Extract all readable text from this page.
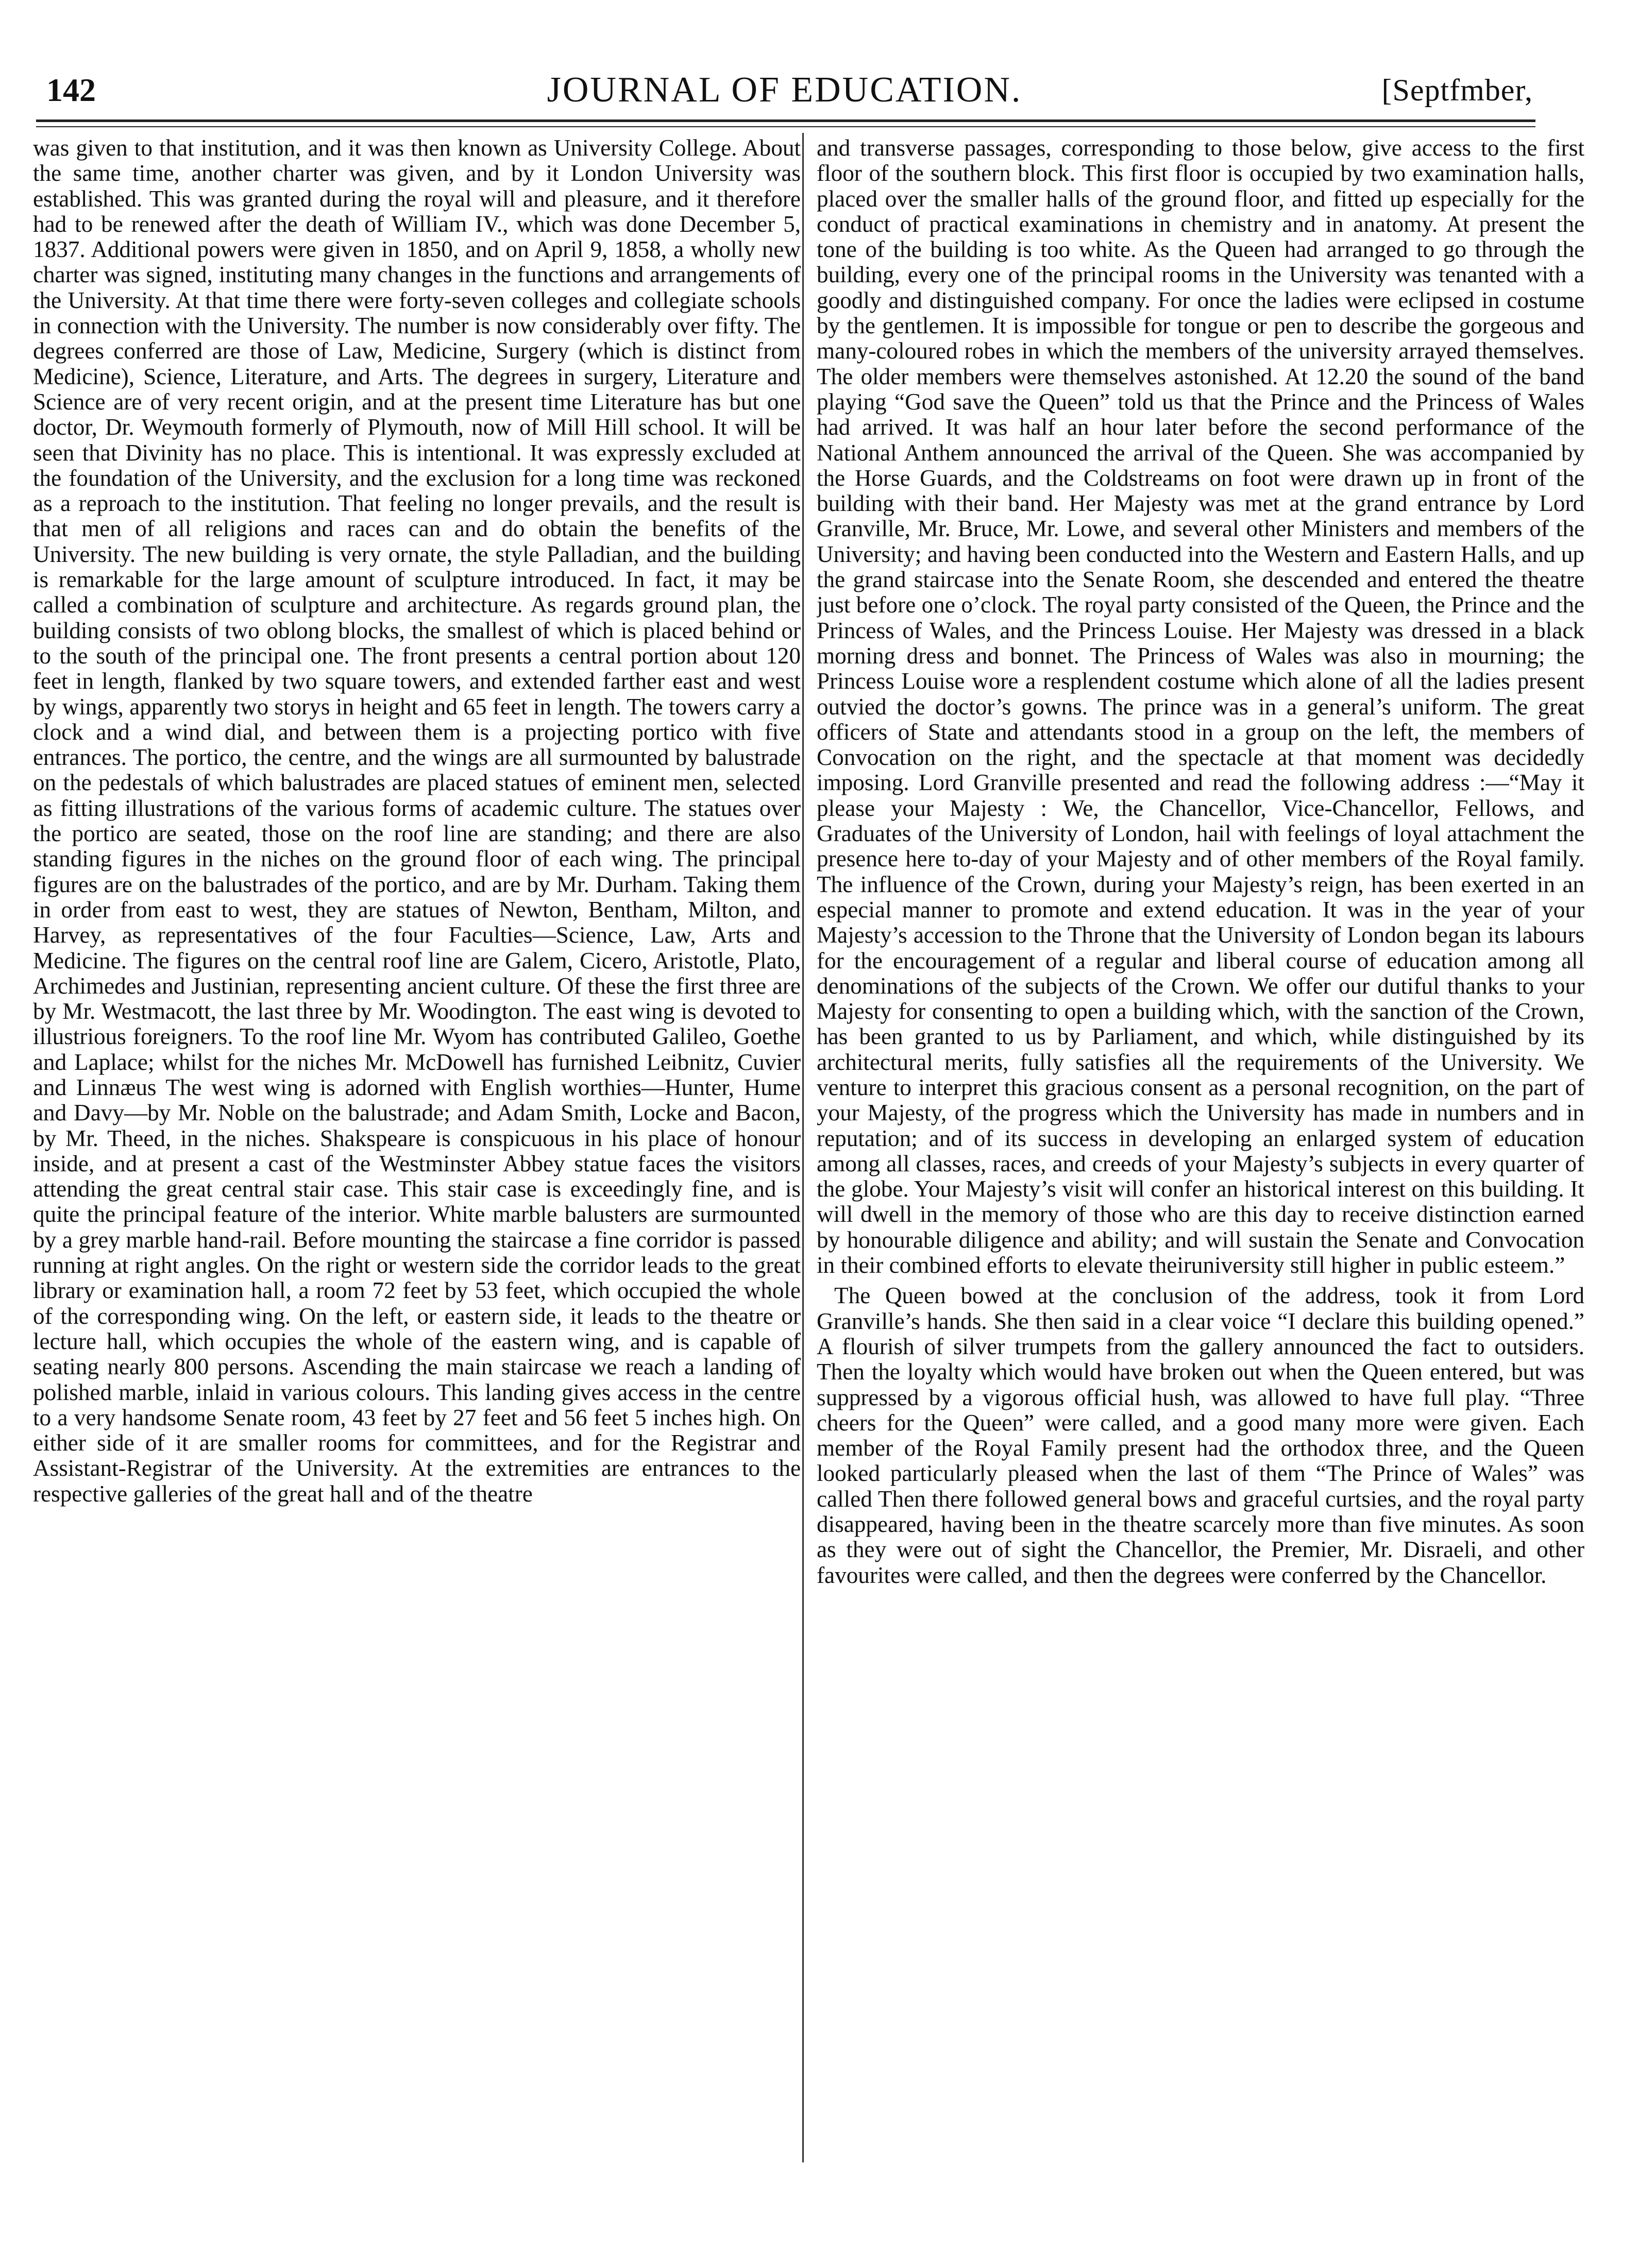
142	JOURNAL OF EDUCATION.	[Septfmber,

was given to that institution, and it was then known as University College. About the same time, another charter was given, and by it London University was established. This was granted during the royal will and pleasure, and it therefore had to be renewed after the death of William IV., which was done December 5, 1837. Additional powers were given in 1850, and on April 9, 1858, a wholly new charter was signed, instituting many changes in the functions and arrangements of the University. At that time there were forty-seven colleges and collegiate schools in connection with the University. The number is now considerably over fifty. The degrees conferred are those of Law, Medicine, Surgery (which is distinct from Medicine), Science, Literature, and Arts. The degrees in surgery, Literature and Science are of very recent origin, and at the present time Literature has but one doctor, Dr. Weymouth formerly of Plymouth, now of Mill Hill school. It will be seen that Divinity has no place. This is intentional. It was expressly excluded at the foundation of the University, and the exclusion for a long time was reckoned as a reproach to the institution. That feeling no longer prevails, and the result is that men of all religions and races can and do obtain the benefits of the University. The new building is very ornate, the style Palladian, and the building is remarkable for the large amount of sculpture introduced. In fact, it may be called a combination of sculpture and architecture. As regards ground plan, the building consists of two oblong blocks, the smallest of which is placed behind or to the south of the principal one. The front presents a central portion about 120 feet in length, flanked by two square towers, and extended farther east and west by wings, apparently two storys in height and 65 feet in length. The towers carry a clock and a wind dial, and between them is a projecting portico with five entrances. The portico, the centre, and the wings are all surmounted by balustrade on the pedestals of which balustrades are placed statues of eminent men, selected as fitting illustrations of the various forms of academic culture. The statues over the portico are seated, those on the roof line are standing; and there are also standing figures in the niches on the ground floor of each wing. The principal figures are on the balustrades of the portico, and are by Mr. Durham. Taking them in order from east to west, they are statues of Newton, Bentham, Milton, and Harvey, as representatives of the four Faculties—Science, Law, Arts and Medicine. The figures on the central roof line are Galem, Cicero, Aristotle, Plato, Archimedes and Justinian, representing ancient culture. Of these the first three are by Mr. Westmacott, the last three by Mr. Woodington. The east wing is devoted to illustrious foreigners. To the roof line Mr. Wyom has contributed Galileo, Goethe and Laplace; whilst for the niches Mr. McDowell has furnished Leibnitz, Cuvier and Linnæus The west wing is adorned with English worthies—Hunter, Hume and Davy—by Mr. Noble on the balustrade; and Adam Smith, Locke and Bacon, by Mr. Theed, in the niches. Shakspeare is conspicuous in his place of honour inside, and at present a cast of the Westminster Abbey statue faces the visitors attending the great central stair case. This stair case is exceedingly fine, and is quite the principal feature of the interior. White marble balusters are surmounted by a grey marble hand-rail. Before mounting the staircase a fine corridor is passed running at right angles. On the right or western side the corridor leads to the great library or examination hall, a room 72 feet by 53 feet, which occupied the whole of the corresponding wing. On the left, or eastern side, it leads to the theatre or lecture hall, which occupies the whole of the eastern wing, and is capable of seating nearly 800 persons. Ascending the main staircase we reach a landing of polished marble, inlaid in various colours. This landing gives access in the centre to a very handsome Senate room, 43 feet by 27 feet and 56 feet 5 inches high. On either side of it are smaller rooms for committees, and for the Registrar and Assistant-Registrar of the University. At the extremities are entrances to the respective galleries of the great hall and of the theatre

and transverse passages, corresponding to those below, give access to the first floor of the southern block. This first floor is occupied by two examination halls, placed over the smaller halls of the ground floor, and fitted up especially for the conduct of practical examinations in chemistry and in anatomy. At present the tone of the building is too white. As the Queen had arranged to go through the building, every one of the principal rooms in the University was tenanted with a goodly and distinguished company. For once the ladies were eclipsed in costume by the gentlemen. It is impossible for tongue or pen to describe the gorgeous and many-coloured robes in which the members of the university arrayed themselves. The older members were themselves astonished. At 12.20 the sound of the band playing “God save the Queen” told us that the Prince and the Princess of Wales had arrived. It was half an hour later before the second performance of the National Anthem announced the arrival of the Queen. She was accompanied by the Horse Guards, and the Coldstreams on foot were drawn up in front of the building with their band. Her Majesty was met at the grand entrance by Lord Granville, Mr. Bruce, Mr. Lowe, and several other Ministers and members of the University; and having been conducted into the Western and Eastern Halls, and up the grand staircase into the Senate Room, she descended and entered the theatre just before one o’clock. The royal party consisted of the Queen, the Prince and the Princess of Wales, and the Princess Louise. Her Majesty was dressed in a black morning dress and bonnet. The Princess of Wales was also in mourning; the Princess Louise wore a resplendent costume which alone of all the ladies present outvied the doctor’s gowns. The prince was in a general’s uniform. The great officers of State and attendants stood in a group on the left, the members of Convocation on the right, and the spectacle at that moment was decidedly imposing. Lord Granville presented and read the following address :—“May it please your Majesty : We, the Chancellor, Vice-Chancellor, Fellows, and Graduates of the University of London, hail with feelings of loyal attachment the presence here to-day of your Majesty and of other members of the Royal family. The influence of the Crown, during your Majesty’s reign, has been exerted in an especial manner to promote and extend education. It was in the year of your Majesty’s accession to the Throne that the University of London began its labours for the encouragement of a regular and liberal course of education among all denominations of the subjects of the Crown. We offer our dutiful thanks to your Majesty for consenting to open a building which, with the sanction of the Crown, has been granted to us by Parliament, and which, while distinguished by its architectural merits, fully satisfies all the requirements of the University. We venture to interpret this gracious consent as a personal recognition, on the part of your Majesty, of the progress which the University has made in numbers and in reputation; and of its success in developing an enlarged system of education among all classes, races, and creeds of your Majesty’s subjects in every quarter of the globe. Your Majesty’s visit will confer an historical interest on this building. It will dwell in the memory of those who are this day to receive distinction earned by honourable diligence and ability; and will sustain the Senate and Convocation in their combined efforts to elevate theiruniversity still higher in public esteem.”

The Queen bowed at the conclusion of the address, took it from Lord Granville’s hands. She then said in a clear voice “I declare this building opened.” A flourish of silver trumpets from the gallery announced the fact to outsiders. Then the loyalty which would have broken out when the Queen entered, but was suppressed by a vigorous official hush, was allowed to have full play. “Three cheers for the Queen” were called, and a good many more were given. Each member of the Royal Family present had the orthodox three, and the Queen looked particularly pleased when the last of them “The Prince of Wales” was called Then there followed general bows and graceful curtsies, and the royal party disappeared, having been in the theatre scarcely more than five minutes. As soon as they were out of sight the Chancellor, the Premier, Mr. Disraeli, and other favourites were called, and then the degrees were conferred by the Chancellor.
